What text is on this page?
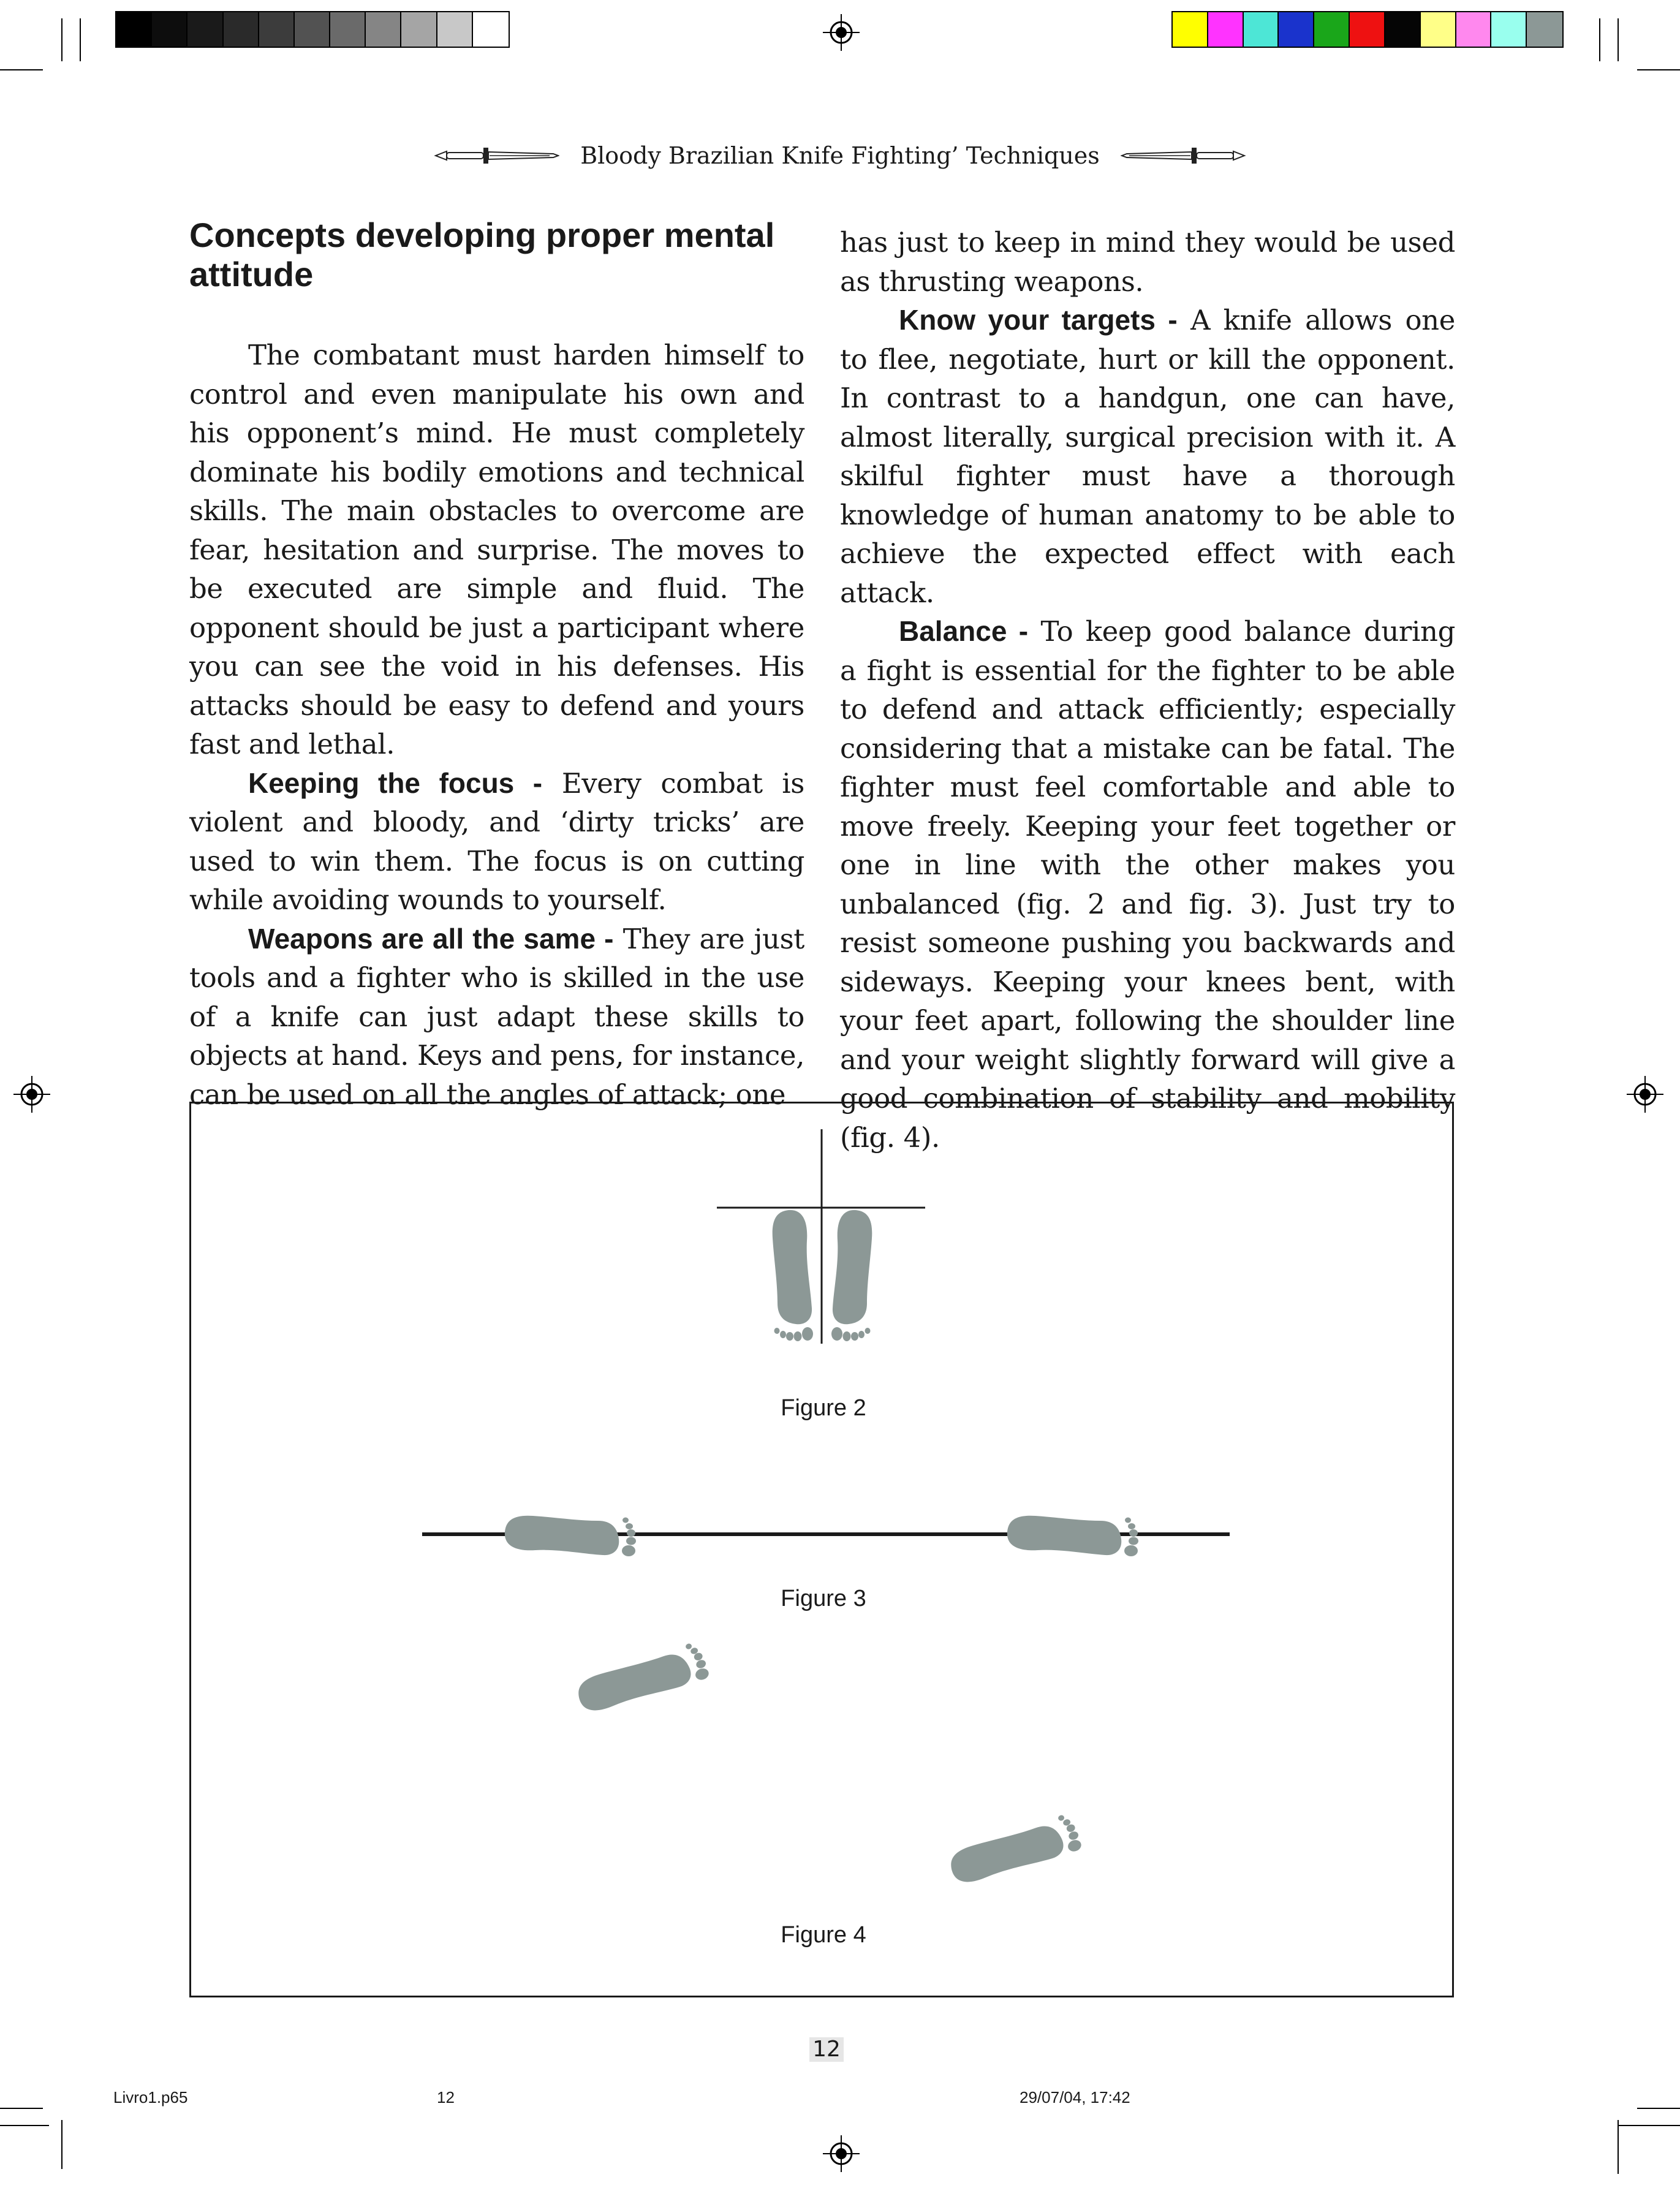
Bloody Brazilian Knife Fighting’ Techniques
Concepts developing proper mental attitude

The combatant must harden himself to control and even manipulate his own and his opponent’s mind. He must completely dominate his bodily emotions and technical skills. The main obstacles to overcome are fear, hesitation and surprise. The moves to be executed are simple and fluid. The opponent should be just a participant where you can see the void in his defenses. His attacks should be easy to defend and yours fast and lethal.

Keeping the focus - Every combat is violent and bloody, and ‘dirty tricks’ are used to win them. The focus is on cutting while avoiding wounds to yourself.

Weapons are all the same - They are just tools and a fighter who is skilled in the use of a knife can just adapt these skills to objects at hand. Keys and pens, for instance, can be used on all the angles of attack; one

has just to keep in mind they would be used as thrusting weapons.

Know your targets - A knife allows one to flee, negotiate, hurt or kill the opponent. In contrast to a handgun, one can have, almost literally, surgical precision with it. A skilful fighter must have a thorough knowledge of human anatomy to be able to achieve the expected effect with each attack.

Balance - To keep good balance during a fight is essential for the fighter to be able to defend and attack efficiently; especially considering that a mistake can be fatal. The fighter must feel comfortable and able to move freely. Keeping your feet together or one in line with the other makes you unbalanced (fig. 2 and fig. 3). Just try to resist someone pushing you backwards and sideways. Keeping your knees bent, with your feet apart, following the shoulder line and your weight slightly forward will give a good combination of stability and mobility (fig. 4).

Figure 2
Figure 3
Figure 4
12
Livro1.p65	12	29/07/04, 17:42
